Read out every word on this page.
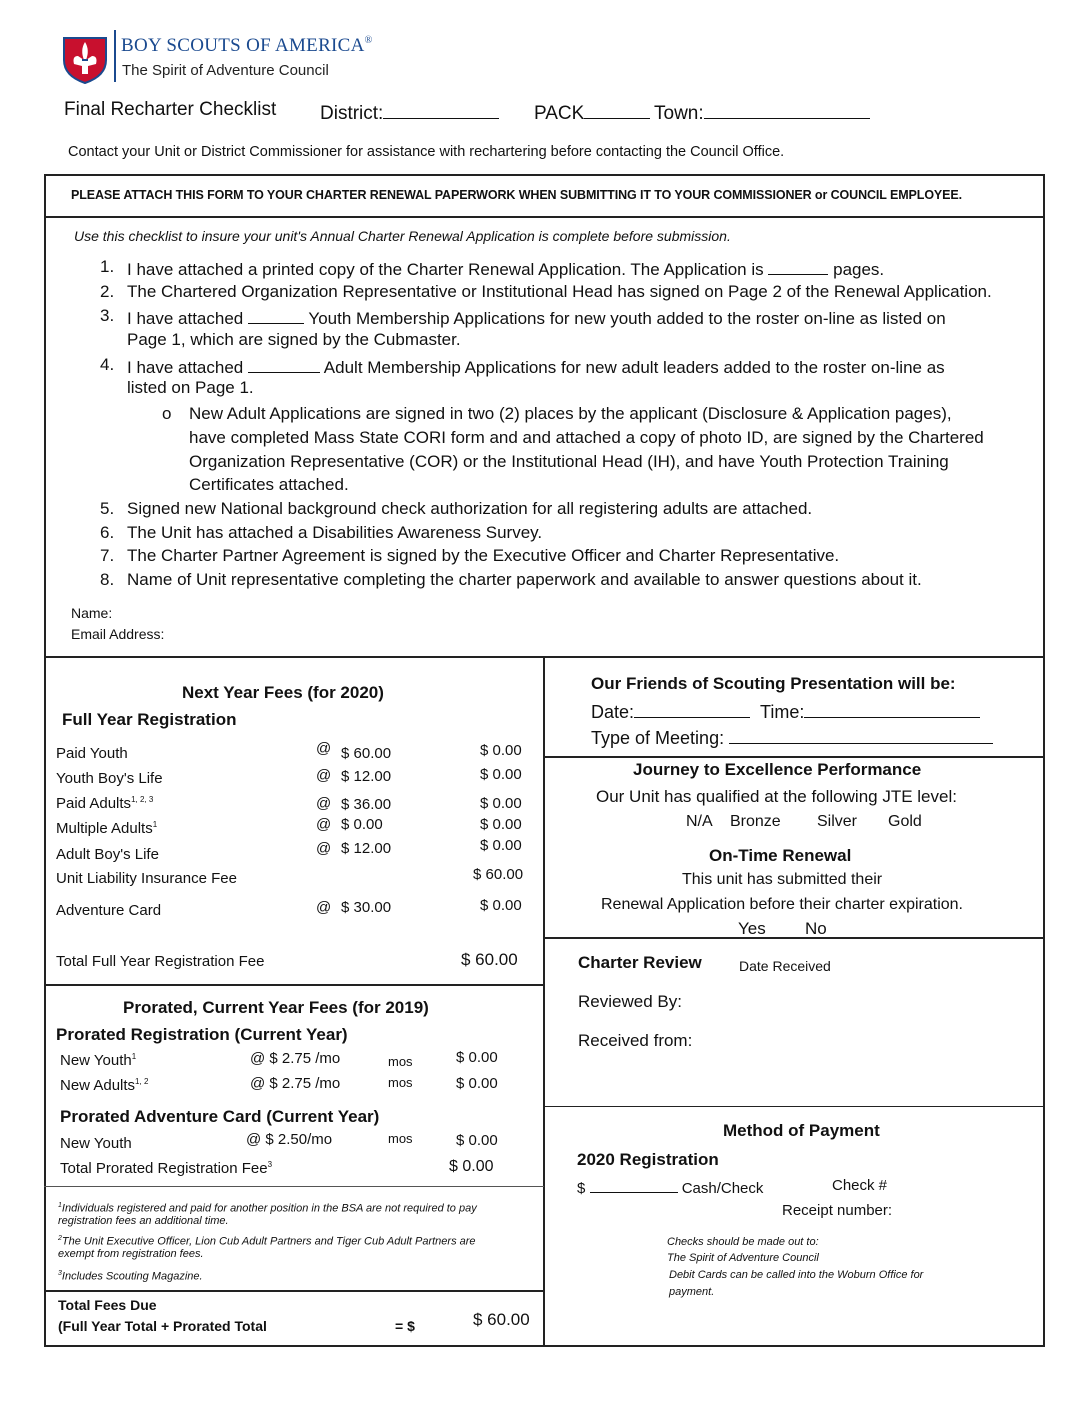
BOY SCOUTS OF AMERICA®
The Spirit of Adventure Council
Final Recharter Checklist District:	PACK	Town:
Contact your Unit or District Commissioner for assistance with rechartering before contacting the Council Office.
PLEASE ATTACH THIS FORM TO YOUR CHARTER RENEWAL PAPERWORK WHEN SUBMITTING IT TO YOUR COMMISSIONER or COUNCIL EMPLOYEE.
Use this checklist to insure your unit's Annual Charter Renewal Application is complete before submission.
1. I have attached a printed copy of the Charter Renewal Application. The Application is	pages.
2. The Chartered Organization Representative or Institutional Head has signed on Page 2 of the Renewal Application.
3. I have attached	Youth Membership Applications for new youth added to the roster on-line as listed on
Page 1, which are signed by the Cubmaster.
4. I have attached	Adult Membership Applications for new adult leaders added to the roster on-line as
listed on Page 1.
o New Adult Applications are signed in two (2) places by the applicant (Disclosure & Application pages),
have completed Mass State CORI form and and attached a copy of photo ID, are signed by the Chartered
Organization Representative (COR) or the Institutional Head (IH), and have Youth Protection Training
Certificates attached.
5. Signed new National background check authorization for all registering adults are attached.
6. The Unit has attached a Disabilities Awareness Survey.
7. The Charter Partner Agreement is signed by the Executive Officer and Charter Representative.
8. Name of Unit representative completing the charter paperwork and available to answer questions about it.
Name:
Email Address:
Next Year Fees (for 2020)
Full Year Registration
Paid Youth	@ $ 60.00	$ 0.00
Youth Boy's Life	@ $ 12.00	$ 0.00
Paid Adults$^{1, 2, 3}$	@ $ 36.00	$ 0.00
Multiple Adults$^1$	@ $ 0.00	$ 0.00
Adult Boy's Life	@ $ 12.00	$ 0.00
Unit Liability Insurance Fee	$ 60.00
Adventure Card	@ $ 30.00	$ 0.00
Total Full Year Registration Fee	$ 60.00
Prorated, Current Year Fees (for 2019)
Prorated Registration (Current Year)
New Youth$^1$	@ $ 2.75 /mo	mos	$ 0.00
New Adults$^{1, 2}$	@ $ 2.75 /mo	mos	$ 0.00
Prorated Adventure Card (Current Year)
New Youth	@ $ 2.50/mo	mos	$ 0.00
Total Prorated Registration Fee$^3$	$ 0.00
$^1$Individuals registered and paid for another position in the BSA are not required to pay registration fees an additional time.
$^2$The Unit Executive Officer, Lion Cub Adult Partners and Tiger Cub Adult Partners are exempt from registration fees.
$^3$Includes Scouting Magazine.
Total Fees Due
(Full Year Total + Prorated Total	= $	$ 60.00
Our Friends of Scouting Presentation will be:
Date:	Time:
Type of Meeting:
Journey to Excellence Performance
Our Unit has qualified at the following JTE level:
N/A Bronze Silver Gold
On-Time Renewal
This unit has submitted their
Renewal Application before their charter expiration.
Yes No
Charter Review	Date Received
Reviewed By:
Received from:
Method of Payment
2020 Registration
$	Cash/Check	Check #
Receipt number:
Checks should be made out to:
The Spirit of Adventure Council
Debit Cards can be called into the Woburn Office for
payment.
